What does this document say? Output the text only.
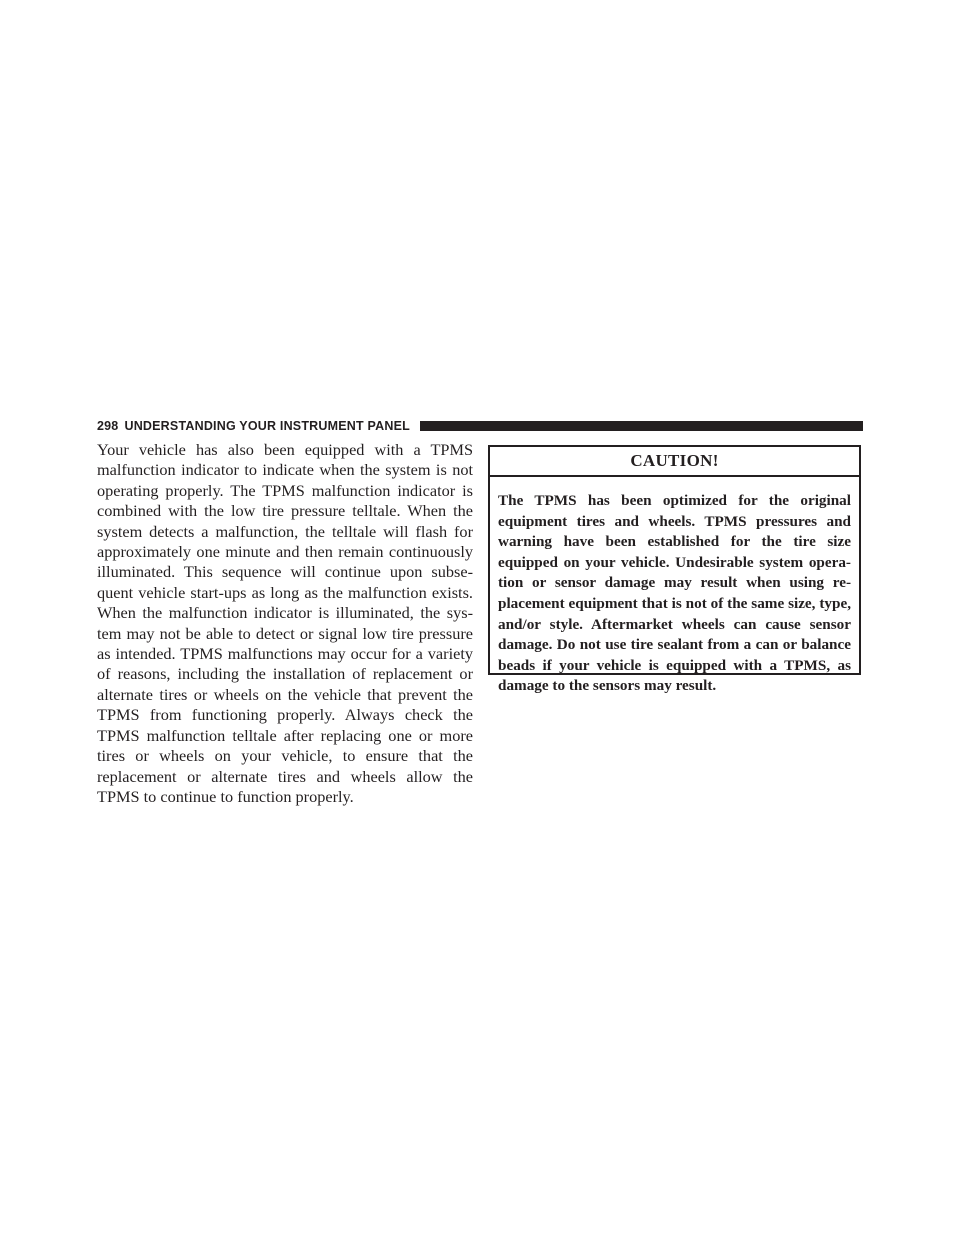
298 UNDERSTANDING YOUR INSTRUMENT PANEL

Your vehicle has also been equipped with a TPMS malfunction indicator to indicate when the system is not operating properly. The TPMS malfunction indicator is combined with the low tire pressure telltale. When the system detects a malfunction, the telltale will flash for approximately one minute and then remain continuously illuminated. This sequence will continue upon subse-quent vehicle start-ups as long as the malfunction exists. When the malfunction indicator is illuminated, the sys-tem may not be able to detect or signal low tire pressure as intended. TPMS malfunctions may occur for a variety of reasons, including the installation of replacement or alternate tires or wheels on the vehicle that prevent the TPMS from functioning properly. Always check the TPMS malfunction telltale after replacing one or more tires or wheels on your vehicle, to ensure that the replacement or alternate tires and wheels allow the TPMS to continue to function properly.

CAUTION!

The TPMS has been optimized for the original equipment tires and wheels. TPMS pressures and warning have been established for the tire size equipped on your vehicle. Undesirable system opera-tion or sensor damage may result when using re-placement equipment that is not of the same size, type, and/or style. Aftermarket wheels can cause sensor damage. Do not use tire sealant from a can or balance beads if your vehicle is equipped with a TPMS, as damage to the sensors may result.
